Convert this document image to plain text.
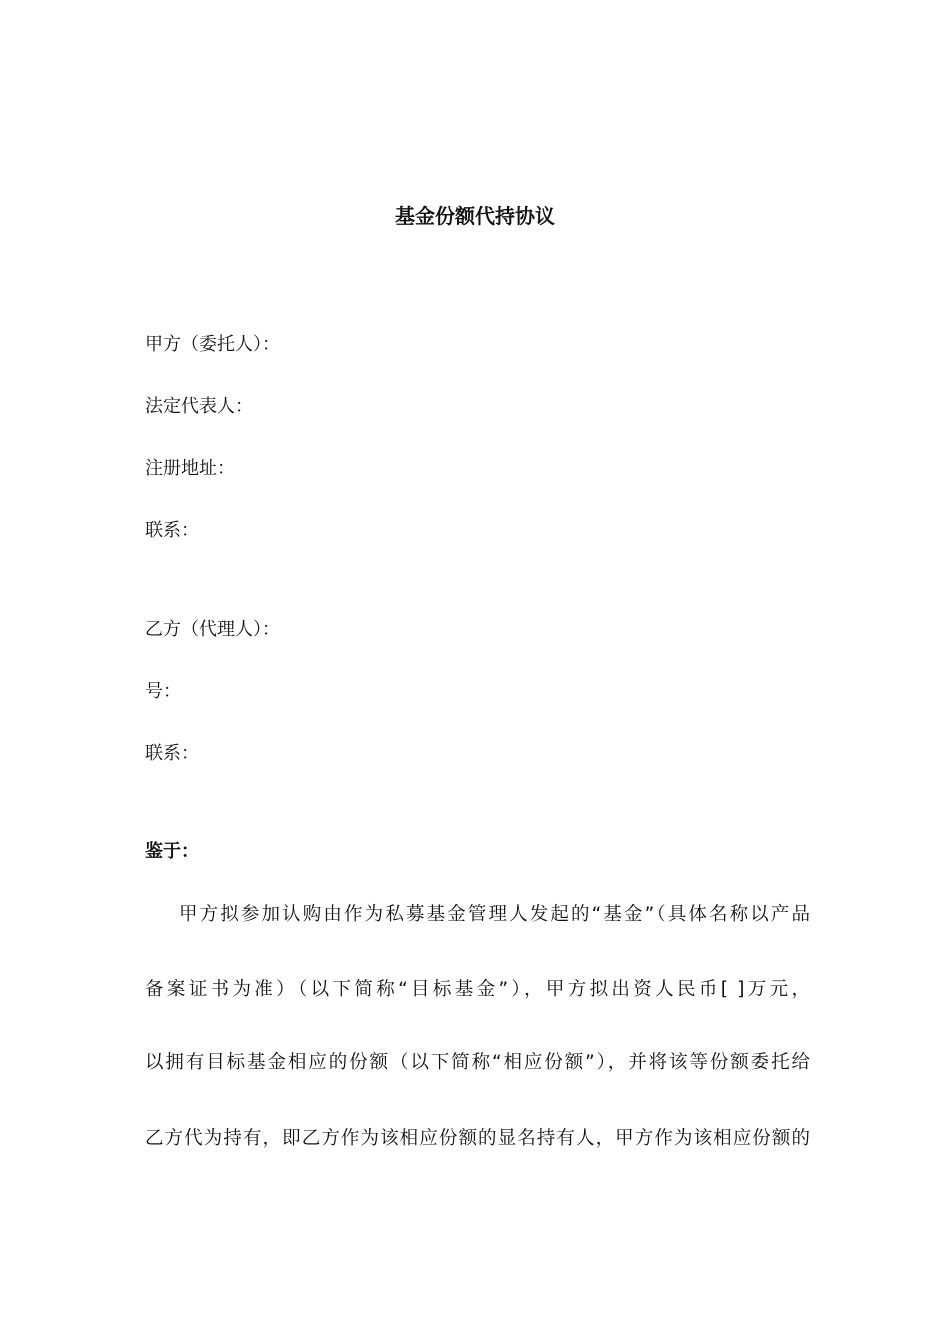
基金份额代持协议
甲方（委托人）：
法定代表人：
注册地址：
联系：
乙方（代理人）：
号：
联系：
鉴于：
甲方拟参加认购由作为私募基金管理人发起的“基金”（具体名称以产品
备案证书为准）（以下简称“目标基金”），甲方拟出资人民币[ ]万元，
以拥有目标基金相应的份额（以下简称“相应份额”），并将该等份额委托给
乙方代为持有，即乙方作为该相应份额的显名持有人，甲方作为该相应份额的
